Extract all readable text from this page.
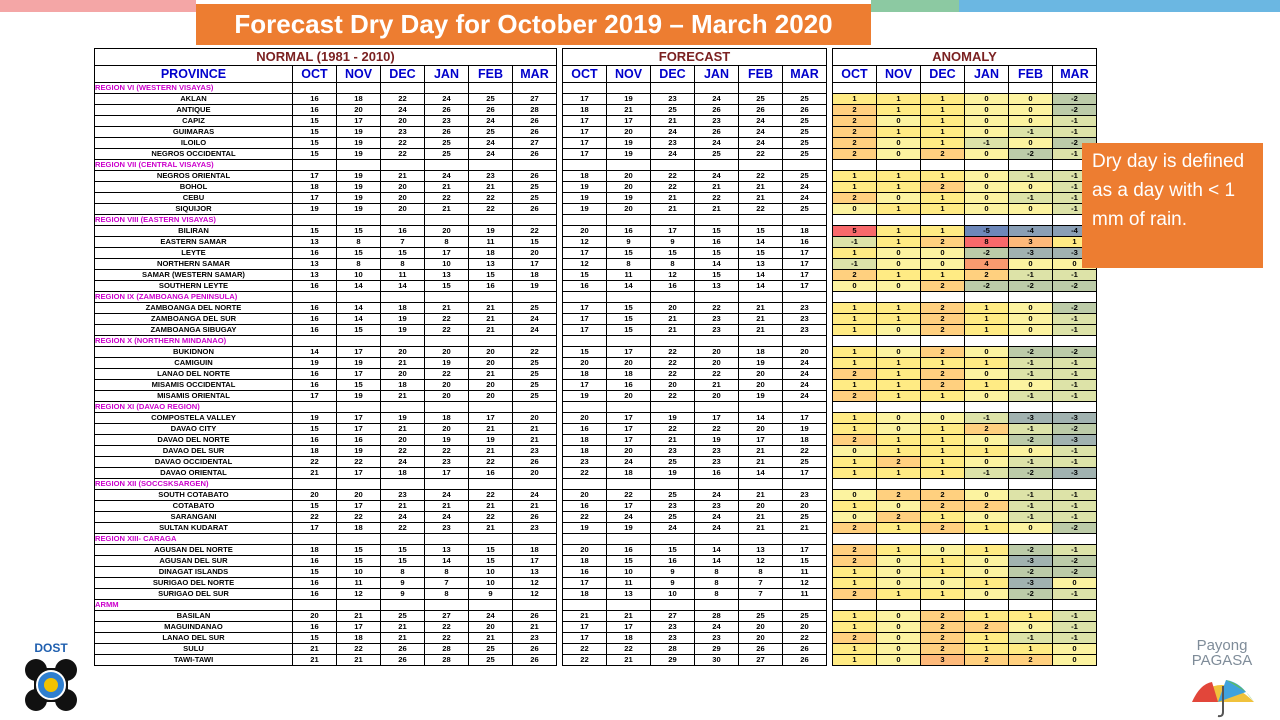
Forecast Dry Day for October 2019 – March 2020
NORMAL (1981 - 2010)								FORECAST							ANOMALY					
PROVINCE	OCT	NOV	DEC	JAN	FEB	MAR		OCT	NOV	DEC	JAN	FEB	MAR		OCT	NOV	DEC	JAN	FEB	MAR
REGION VI (WESTERN VISAYAS)																				
AKLAN	16	18	22	24	25	27		17	19	23	24	25	25		1	1	1	0	0	-2
ANTIQUE	16	20	24	26	26	28		18	21	25	26	26	26		2	1	1	0	0	-2
CAPIZ	15	17	20	23	24	26		17	17	21	23	24	25		2	0	1	0	0	-1
GUIMARAS	15	19	23	26	25	26		17	20	24	26	24	25		2	1	1	0	-1	-1
ILOILO	15	19	22	25	24	27		17	19	23	24	24	25		2	0	1	-1	0	-2
NEGROS OCCIDENTAL	15	19	22	25	24	26		17	19	24	25	22	25		2	0	2	0	-2	-1
REGION VII (CENTRAL VISAYAS)																				
NEGROS ORIENTAL	17	19	21	24	23	26		18	20	22	24	22	25		1	1	1	0	-1	-1
BOHOL	18	19	20	21	21	25		19	20	22	21	21	24		1	1	2	0	0	-1
CEBU	17	19	20	22	22	25		19	19	21	22	21	24		2	0	1	0	-1	-1
SIQUIJOR	19	19	20	21	22	26		19	20	21	21	22	25		0	1	1	0	0	-1
REGION VIII (EASTERN VISAYAS)																				
BILIRAN	15	15	16	20	19	22		20	16	17	15	15	18		5	1	1	-5	-4	-4
EASTERN SAMAR	13	8	7	8	11	15		12	9	9	16	14	16		-1	1	2	8	3	1
LEYTE	16	15	15	17	18	20		17	15	15	15	15	17		1	0	0	-2	-3	-3
NORTHERN SAMAR	13	8	8	10	13	17		12	8	8	14	13	17		-1	0	0	4	0	0
SAMAR (WESTERN SAMAR)	13	10	11	13	15	18		15	11	12	15	14	17		2	1	1	2	-1	-1
SOUTHERN LEYTE	16	14	14	15	16	19		16	14	16	13	14	17		0	0	2	-2	-2	-2
REGION IX (ZAMBOANGA PENINSULA)																				
ZAMBOANGA DEL NORTE	16	14	18	21	21	25		17	15	20	22	21	23		1	1	2	1	0	-2
ZAMBOANGA DEL SUR	16	14	19	22	21	24		17	15	21	23	21	23		1	1	2	1	0	-1
ZAMBOANGA SIBUGAY	16	15	19	22	21	24		17	15	21	23	21	23		1	0	2	1	0	-1
REGION X (NORTHERN MINDANAO)																				
BUKIDNON	14	17	20	20	20	22		15	17	22	20	18	20		1	0	2	0	-2	-2
CAMIGUIN	19	19	21	19	20	25		20	20	22	20	19	24		1	1	1	1	-1	-1
LANAO DEL NORTE	16	17	20	22	21	25		18	18	22	22	20	24		2	1	2	0	-1	-1
MISAMIS OCCIDENTAL	16	15	18	20	20	25		17	16	20	21	20	24		1	1	2	1	0	-1
MISAMIS ORIENTAL	17	19	21	20	20	25		19	20	22	20	19	24		2	1	1	0	-1	-1
REGION XI (DAVAO REGION)																				
COMPOSTELA VALLEY	19	17	19	18	17	20		20	17	19	17	14	17		1	0	0	-1	-3	-3
DAVAO CITY	15	17	21	20	21	21		16	17	22	22	20	19		1	0	1	2	-1	-2
DAVAO DEL NORTE	16	16	20	19	19	21		18	17	21	19	17	18		2	1	1	0	-2	-3
DAVAO DEL SUR	18	19	22	22	21	23		18	20	23	23	21	22		0	1	1	1	0	-1
DAVAO OCCIDENTAL	22	22	24	23	22	26		23	24	25	23	21	25		1	2	1	0	-1	-1
DAVAO ORIENTAL	21	17	18	17	16	20		22	18	19	16	14	17		1	1	1	-1	-2	-3
REGION XII (SOCCSKSARGEN)																				
SOUTH COTABATO	20	20	23	24	22	24		20	22	25	24	21	23		0	2	2	0	-1	-1
COTABATO	15	17	21	21	21	21		16	17	23	23	20	20		1	0	2	2	-1	-1
SARANGANI	22	22	24	24	22	26		22	24	25	24	21	25		0	2	1	0	-1	-1
SULTAN KUDARAT	17	18	22	23	21	23		19	19	24	24	21	21		2	1	2	1	0	-2
REGION XIII- CARAGA																				
AGUSAN DEL NORTE	18	15	15	13	15	18		20	16	15	14	13	17		2	1	0	1	-2	-1
AGUSAN DEL SUR	16	15	15	14	15	17		18	15	16	14	12	15		2	0	1	0	-3	-2
DINAGAT ISLANDS	15	10	8	8	10	13		16	10	9	8	8	11		1	0	1	0	-2	-2
SURIGAO DEL NORTE	16	11	9	7	10	12		17	11	9	8	7	12		1	0	0	1	-3	0
SURIGAO DEL SUR	16	12	9	8	9	12		18	13	10	8	7	11		2	1	1	0	-2	-1
ARMM																				
BASILAN	20	21	25	27	24	26		21	21	27	28	25	25		1	0	2	1	1	-1
MAGUINDANAO	16	17	21	22	20	21		17	17	23	24	20	20		1	0	2	2	0	-1
LANAO DEL SUR	15	18	21	22	21	23		17	18	23	23	20	22		2	0	2	1	-1	-1
SULU	21	22	26	28	25	26		22	22	28	29	26	26		1	0	2	1	1	0
TAWI-TAWI	21	21	26	28	25	26		22	21	29	30	27	26		1	0	3	2	2	0
Dry day is defined as a day with < 1 mm of rain.
DOST	Payong
PAGASA
